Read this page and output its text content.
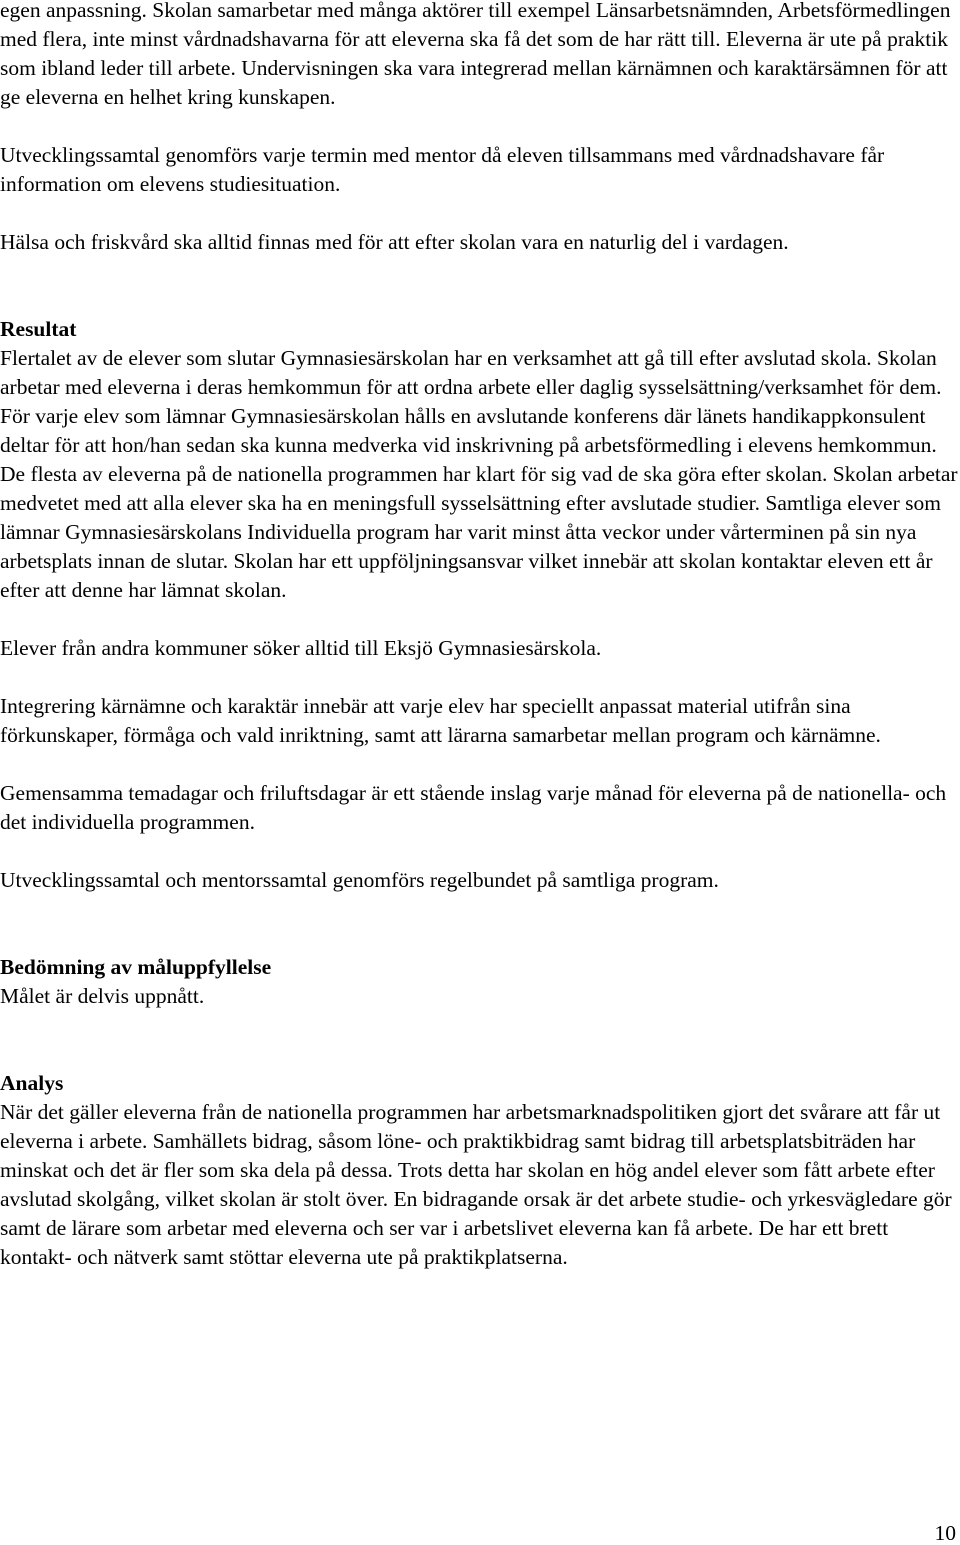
egen anpassning. Skolan samarbetar med många aktörer till exempel Länsarbetsnämnden, Arbetsförmedlingen med flera, inte minst vårdnadshavarna för att eleverna ska få det som de har rätt till. Eleverna är ute på praktik som ibland leder till arbete. Undervisningen ska vara integrerad mellan kärnämnen och karaktärsämnen för att ge eleverna en helhet kring kunskapen.

Utvecklingssamtal genomförs varje termin med mentor då eleven tillsammans med vårdnadshavare får information om elevens studiesituation.

Hälsa och friskvård ska alltid finnas med för att efter skolan vara en naturlig del i vardagen.

Resultat

Flertalet av de elever som slutar Gymnasiesärskolan har en verksamhet att gå till efter avslutad skola. Skolan arbetar med eleverna i deras hemkommun för att ordna arbete eller daglig sysselsättning/verksamhet för dem. För varje elev som lämnar Gymnasiesärskolan hålls en avslutande konferens där länets handikappkonsulent deltar för att hon/han sedan ska kunna medverka vid inskrivning på arbetsförmedling i elevens hemkommun. De flesta av eleverna på de nationella programmen har klart för sig vad de ska göra efter skolan. Skolan arbetar medvetet med att alla elever ska ha en meningsfull sysselsättning efter avslutade studier. Samtliga elever som lämnar Gymnasiesärskolans Individuella program har varit minst åtta veckor under vårterminen på sin nya arbetsplats innan de slutar. Skolan har ett uppföljningsansvar vilket innebär att skolan kontaktar eleven ett år efter att denne har lämnat skolan.

Elever från andra kommuner söker alltid till Eksjö Gymnasiesärskola.

Integrering kärnämne och karaktär innebär att varje elev har speciellt anpassat material utifrån sina förkunskaper, förmåga och vald inriktning, samt att lärarna samarbetar mellan program och kärnämne.

Gemensamma temadagar och friluftsdagar är ett stående inslag varje månad för eleverna på de nationella- och det individuella programmen.

Utvecklingssamtal och mentorssamtal genomförs regelbundet på samtliga program.

Bedömning av måluppfyllelse

Målet är delvis uppnått.

Analys

När det gäller eleverna från de nationella programmen har arbetsmarknadspolitiken gjort det svårare att får ut eleverna i arbete. Samhällets bidrag, såsom löne- och praktikbidrag samt bidrag till arbetsplatsbiträden har minskat och det är fler som ska dela på dessa. Trots detta har skolan en hög andel elever som fått arbete efter avslutad skolgång, vilket skolan är stolt över. En bidragande orsak är det arbete studie- och yrkesvägledare gör samt de lärare som arbetar med eleverna och ser var i arbetslivet eleverna kan få arbete. De har ett brett kontakt- och nätverk samt stöttar eleverna ute på praktikplatserna.

10
